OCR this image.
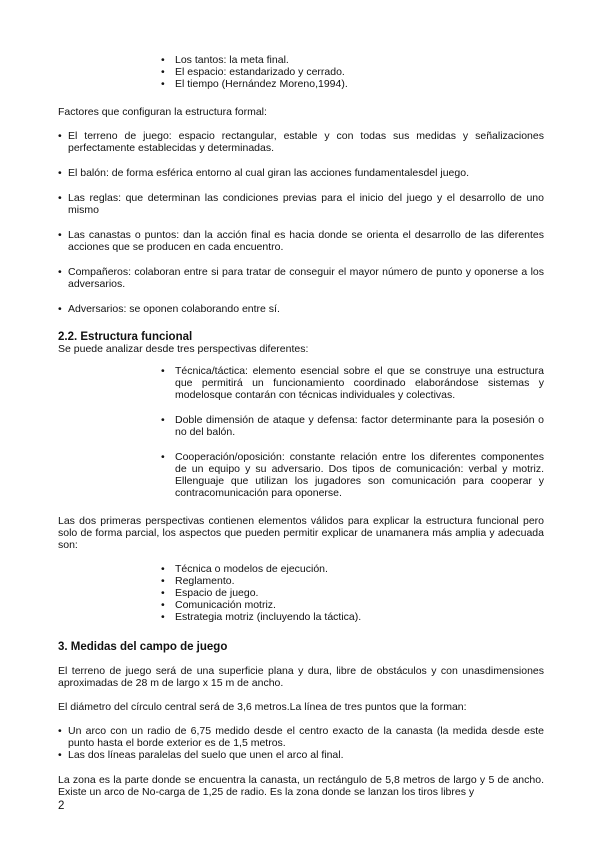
• Los tantos: la meta final.
• El espacio: estandarizado y cerrado.
• El tiempo (Hernández Moreno,1994).

Factores que configuran la estructura formal:

• El terreno de juego: espacio rectangular, estable y con todas sus medidas y señalizaciones perfectamente establecidas y determinadas.
• El balón: de forma esférica entorno al cual giran las acciones fundamentalesdel juego.
• Las reglas: que determinan las condiciones previas para el inicio del juego y el desarrollo de uno mismo
• Las canastas o puntos: dan la acción final es hacia donde se orienta el desarrollo de las diferentes acciones que se producen en cada encuentro.
• Compañeros: colaboran entre si para tratar de conseguir el mayor número de punto y oponerse a los adversarios.
• Adversarios: se oponen colaborando entre sí.
2.2. Estructura funcional

Se puede analizar desde tres perspectivas diferentes:

• Técnica/táctica: elemento esencial sobre el que se construye una estructura que permitirá un funcionamiento coordinado elaborándose sistemas y modelosque contarán con técnicas individuales y colectivas.
• Doble dimensión de ataque y defensa: factor determinante para la posesión o no del balón.
• Cooperación/oposición: constante relación entre los diferentes componentes de un equipo y su adversario. Dos tipos de comunicación: verbal y motriz. Ellenguaje que utilizan los jugadores son comunicación para cooperar y contracomunicación para oponerse.

Las dos primeras perspectivas contienen elementos válidos para explicar la estructura funcional pero solo de forma parcial, los aspectos que pueden permitir explicar de unamanera más amplia y adecuada son:

• Técnica o modelos de ejecución.
• Reglamento.
• Espacio de juego.
• Comunicación motriz.
• Estrategia motriz (incluyendo la táctica).
3. Medidas del campo de juego

El terreno de juego será de una superficie plana y dura, libre de obstáculos y con unasdimensiones aproximadas de 28 m de largo x 15 m de ancho.

El diámetro del círculo central será de 3,6 metros.La línea de tres puntos que la forman:

• Un arco con un radio de 6,75 medido desde el centro exacto de la canasta (la medida desde este punto hasta el borde exterior es de 1,5 metros.
• Las dos líneas paralelas del suelo que unen el arco al final.

La zona es la parte donde se encuentra la canasta, un rectángulo de 5,8 metros de largo y 5 de ancho. Existe un arco de No-carga de 1,25 de radio. Es la zona donde se lanzan los tiros libres y

2
